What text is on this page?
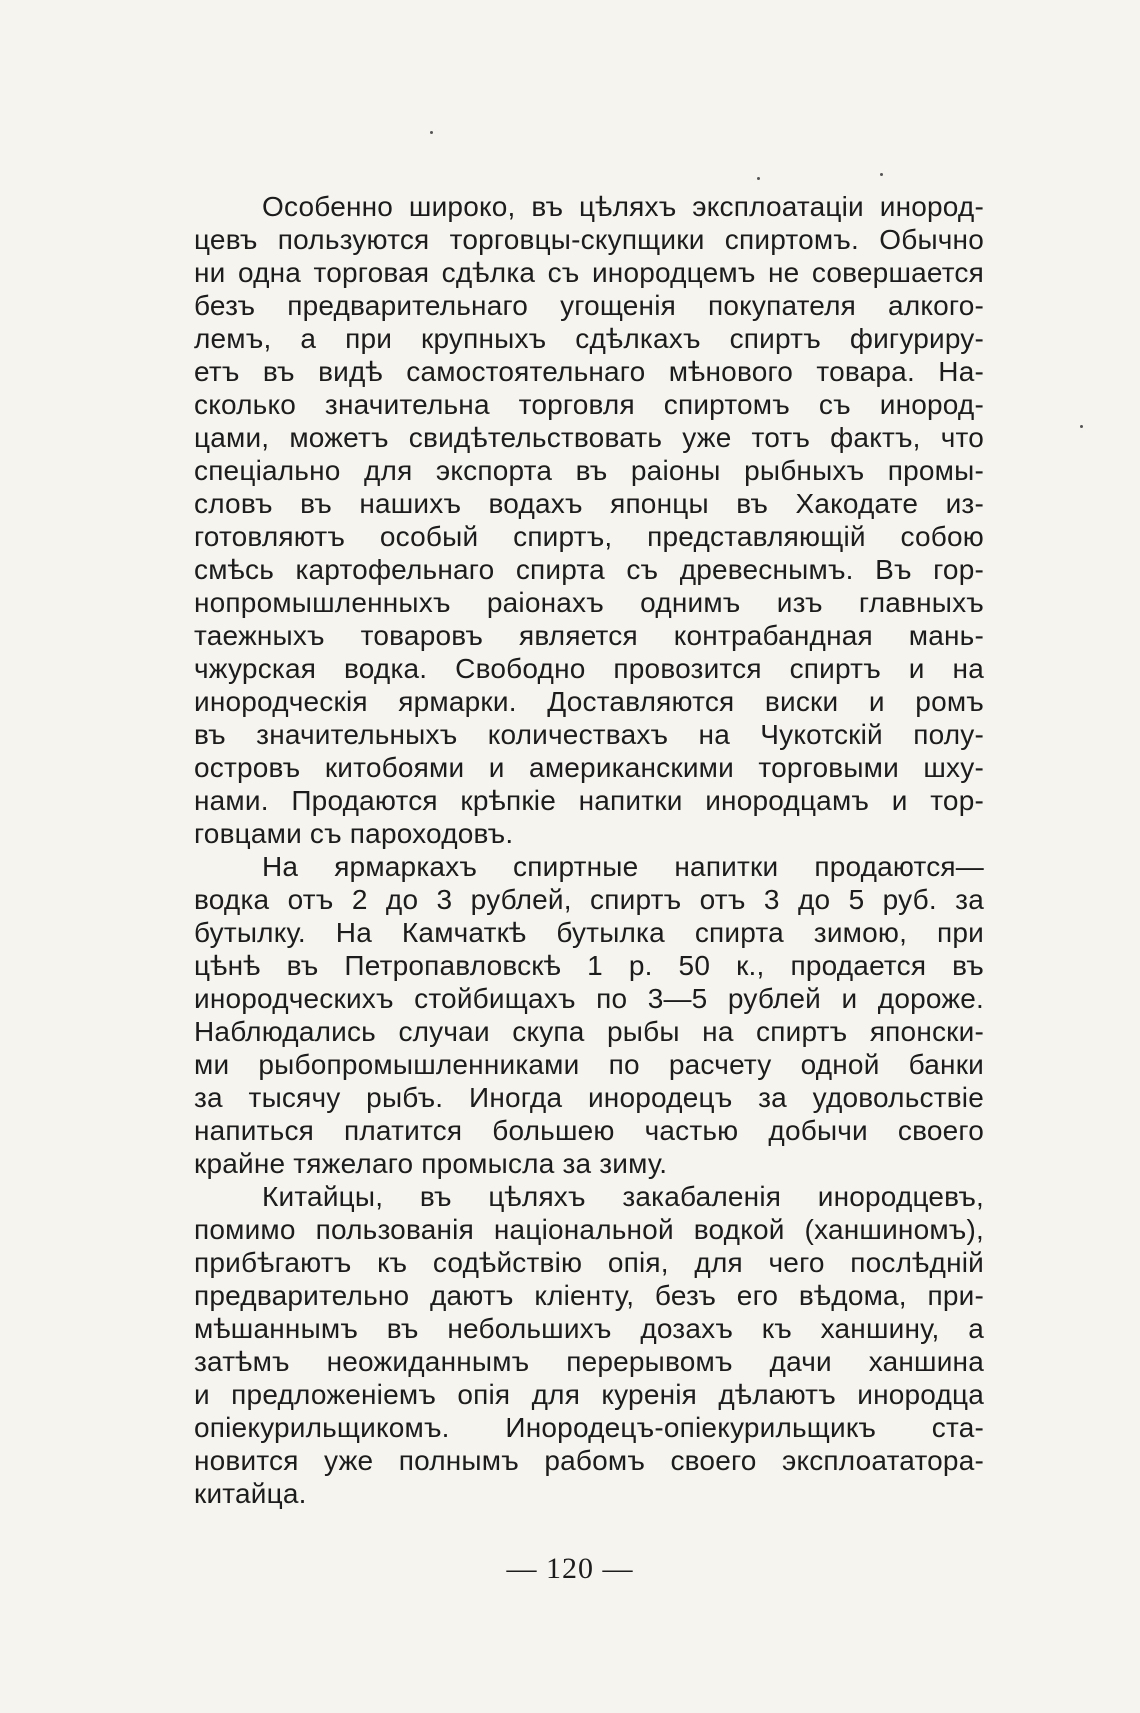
Особенно широко, въ цѣляхъ эксплоатацiи инород-
цевъ пользуются торговцы-скупщики спиртомъ. Обычно
ни одна торговая сдѣлка съ инородцемъ не совершается
безъ предварительнаго угощенія покупателя алкого-
лемъ, а при крупныхъ сдѣлкахъ спиртъ фигуриру-
етъ въ видѣ самостоятельнаго мѣнового товара. На-
сколько значительна торговля спиртомъ съ инород-
цами, можетъ свидѣтельствовать уже тотъ фактъ, что
спеціально для экспорта въ раіоны рыбныхъ промы-
словъ въ нашихъ водахъ японцы въ Хакодате из-
готовляютъ особый спиртъ, представляющій собою
смѣсь картофельнаго спирта съ древеснымъ. Въ гор-
нопромышленныхъ раіонахъ однимъ изъ главныхъ
таежныхъ товаровъ является контрабандная мань-
чжурская водка. Свободно провозится спиртъ и на
инородческія ярмарки. Доставляются виски и ромъ
въ значительныхъ количествахъ на Чукотскій полу-
островъ китобоями и американскими торговыми шху-
нами. Продаются крѣпкіе напитки инородцамъ и тор-
говцами съ пароходовъ.

На ярмаркахъ спиртные напитки продаются—
водка отъ 2 до 3 рублей, спиртъ отъ 3 до 5 руб. за
бутылку. На Камчаткѣ бутылка спирта зимою, при
цѣнѣ въ Петропавловскѣ 1 р. 50 к., продается въ
инородческихъ стойбищахъ по 3—5 рублей и дороже.
Наблюдались случаи скупа рыбы на спиртъ японски-
ми рыбопромышленниками по расчету одной банки
за тысячу рыбъ. Иногда инородецъ за удовольствіе
напиться платится большею частью добычи своего
крайне тяжелаго промысла за зиму.

Китайцы, въ цѣляхъ закабаленія инородцевъ,
помимо пользованія національной водкой (ханшиномъ),
прибѣгаютъ къ содѣйствію опія, для чего послѣдній
предварительно даютъ кліенту, безъ его вѣдома, при-
мѣшаннымъ въ небольшихъ дозахъ къ ханшину, а
затѣмъ неожиданнымъ перерывомъ дачи ханшина
и предложеніемъ опія для куренія дѣлаютъ инородца
опіекурильщикомъ. Инородецъ-опіекурильщикъ ста-
новится уже полнымъ рабомъ своего эксплоататора-
китайца.

— 120 —
